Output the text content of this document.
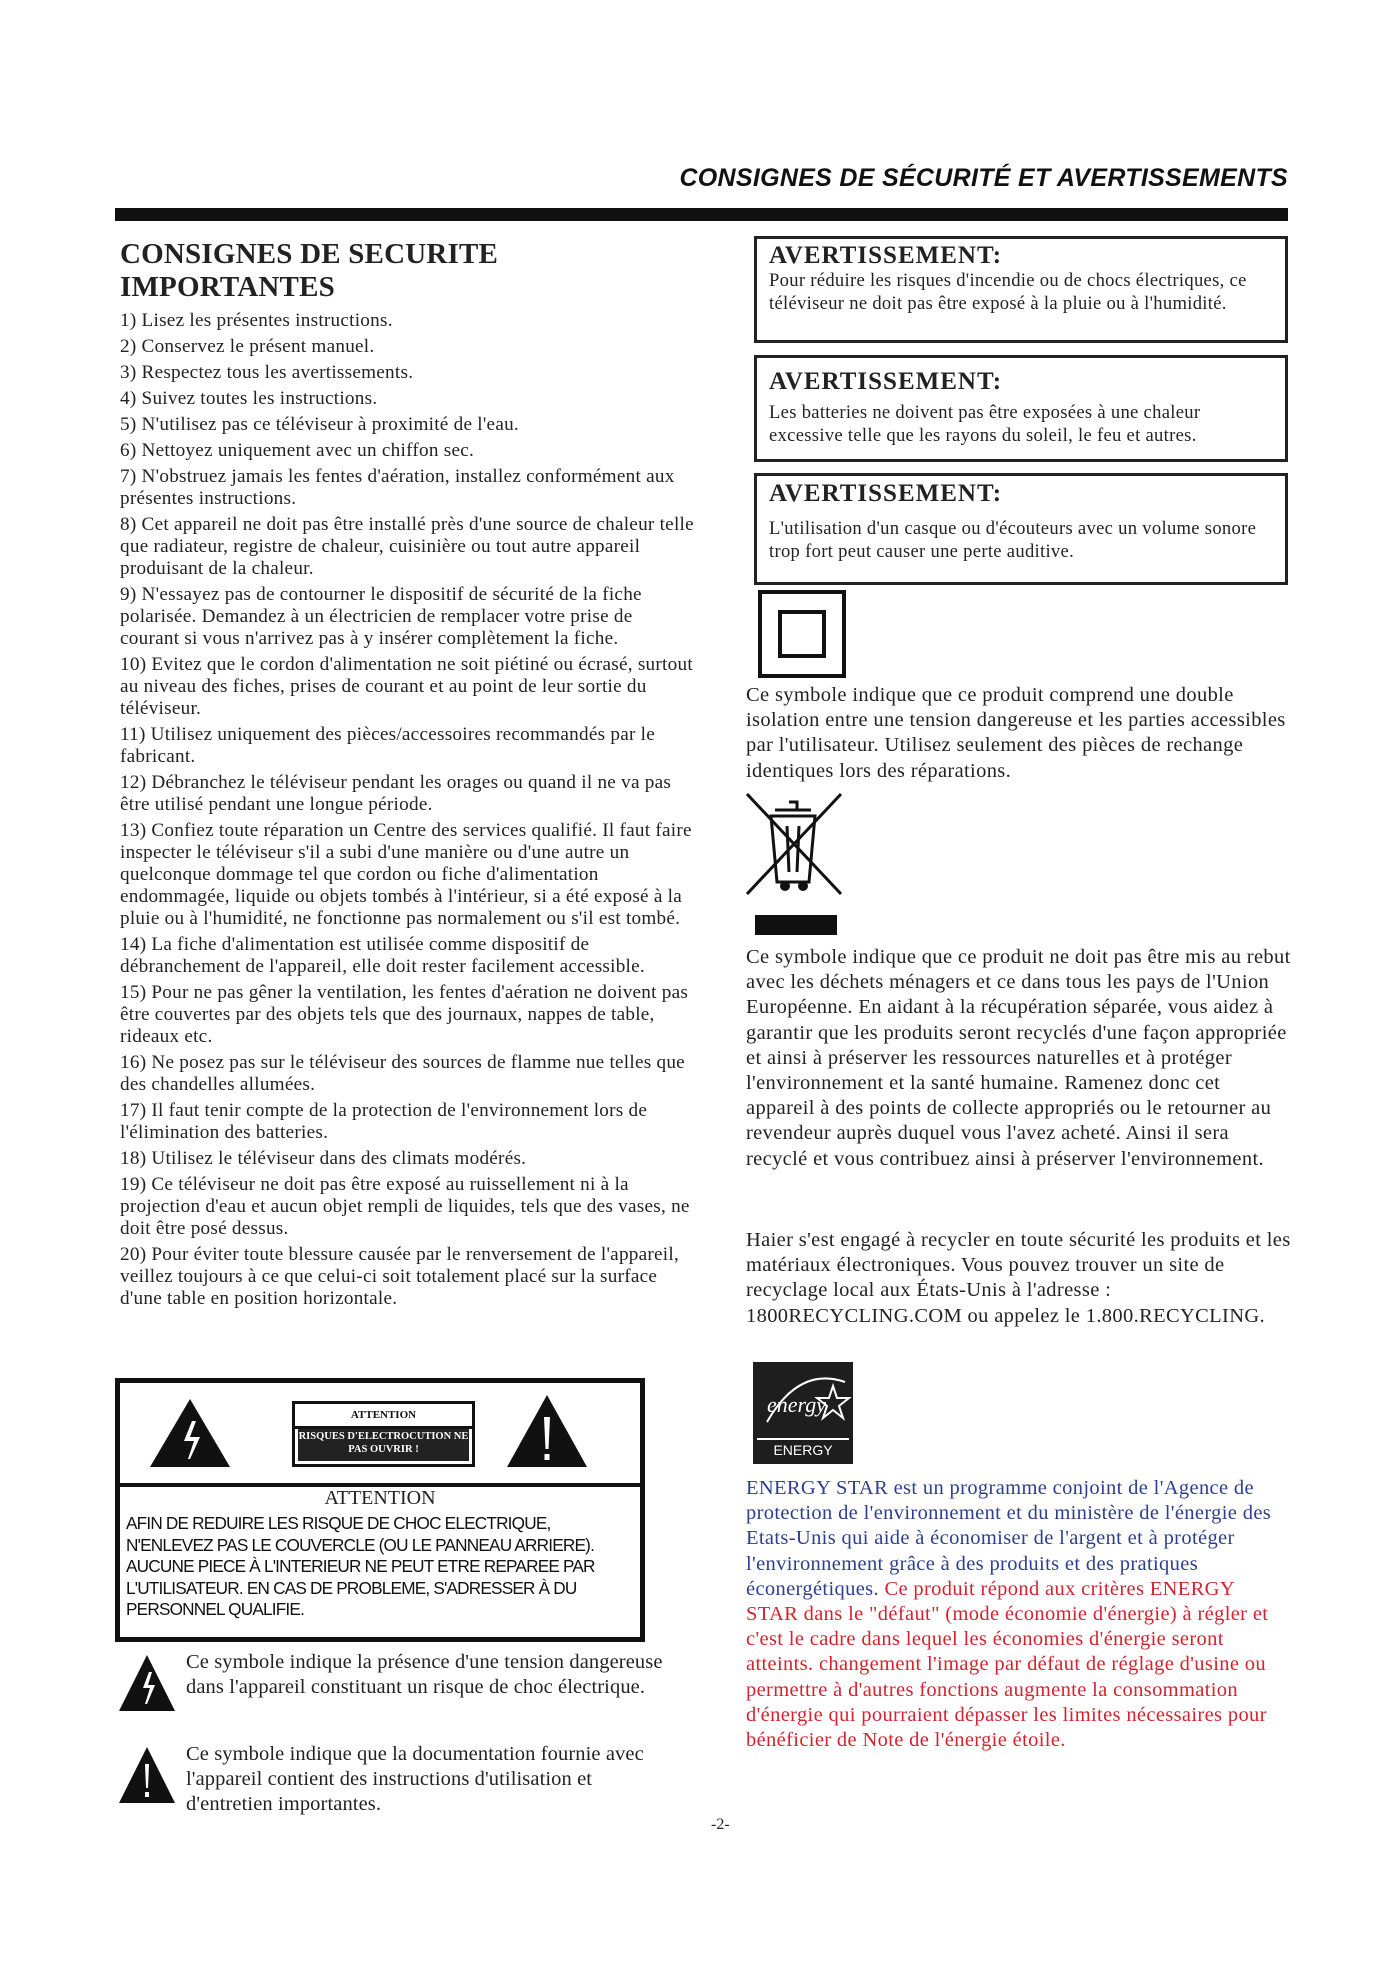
CONSIGNES DE SÉCURITÉ ET AVERTISSEMENTS
CONSIGNES DE SECURITE IMPORTANTES

1) Lisez les présentes instructions.

2) Conservez le présent manuel.

3) Respectez tous les avertissements.

4) Suivez toutes les instructions.

5) N'utilisez pas ce téléviseur à proximité de l'eau.

6) Nettoyez uniquement avec un chiffon sec.

7) N'obstruez jamais les fentes d'aération, installez conformément aux présentes instructions.

8) Cet appareil ne doit pas être installé près d'une source de chaleur telle que radiateur, registre de chaleur, cuisinière ou tout autre appareil produisant de la chaleur.

9) N'essayez pas de contourner le dispositif de sécurité de la fiche polarisée. Demandez à un électricien de remplacer votre prise de courant si vous n'arrivez pas à y insérer complètement la fiche.

10) Evitez que le cordon d'alimentation ne soit piétiné ou écrasé, surtout au niveau des fiches, prises de courant et au point de leur sortie du téléviseur.

11) Utilisez uniquement des pièces/accessoires recommandés par le fabricant.

12) Débranchez le téléviseur pendant les orages ou quand il ne va pas être utilisé pendant une longue période.

13) Confiez toute réparation un Centre des services qualifié. Il faut faire inspecter le téléviseur s'il a subi d'une manière ou d'une autre un quelconque dommage tel que cordon ou fiche d'alimentation endommagée, liquide ou objets tombés à l'intérieur, si a été exposé à la pluie ou à l'humidité, ne fonctionne pas normalement ou s'il est tombé.

14) La fiche d'alimentation est utilisée comme dispositif de débranchement de l'appareil, elle doit rester facilement accessible.

15) Pour ne pas gêner la ventilation, les fentes d'aération ne doivent pas être couvertes par des objets tels que des journaux, nappes de table, rideaux etc.

16) Ne posez pas sur le téléviseur des sources de flamme nue telles que des chandelles allumées.

17) Il faut tenir compte de la protection de l'environnement lors de l'élimination des batteries.

18) Utilisez le téléviseur dans des climats modérés.

19) Ce téléviseur ne doit pas être exposé au ruissellement ni à la projection d'eau et aucun objet rempli de liquides, tels que des vases, ne doit être posé dessus.

20) Pour éviter toute blessure causée par le renversement de l'appareil, veillez toujours à ce que celui-ci soit totalement placé sur la surface d'une table en position horizontale.

ATTENTION
RISQUES D'ELECTROCUTION NE PAS OUVRIR !
ATTENTION
AFIN DE REDUIRE LES RISQUE DE CHOC ELECTRIQUE, N'ENLEVEZ PAS LE COUVERCLE (OU LE PANNEAU ARRIERE). AUCUNE PIECE À L'INTERIEUR NE PEUT ETRE REPAREE PAR L'UTILISATEUR. EN CAS DE PROBLEME, S'ADRESSER À DU PERSONNEL QUALIFIE.
Ce symbole indique la présence d'une tension dangereuse dans l'appareil constituant un risque de choc électrique.
Ce symbole indique que la documentation fournie avec l'appareil contient des instructions d'utilisation et d'entretien importantes.

AVERTISSEMENT:

Pour réduire les risques d'incendie ou de chocs électriques, ce téléviseur ne doit pas être exposé à la pluie ou à l'humidité.

AVERTISSEMENT:

Les batteries ne doivent pas être exposées à une chaleur excessive telle que les rayons du soleil, le feu et autres.

AVERTISSEMENT:

L'utilisation d'un casque ou d'écouteurs avec un volume sonore trop fort peut causer une perte auditive.

Ce symbole indique que ce produit comprend une double isolation entre une tension dangereuse et les parties accessibles par l'utilisateur. Utilisez seulement des pièces de rechange identiques lors des réparations.
Ce symbole indique que ce produit ne doit pas être mis au rebut avec les déchets ménagers et ce dans tous les pays de l'Union Européenne. En aidant à la récupération séparée, vous aidez à garantir que les produits seront recyclés d'une façon appropriée et ainsi à préserver les ressources naturelles et à protéger l'environnement et la santé humaine. Ramenez donc cet appareil à des points de collecte appropriés ou le retourner au revendeur auprès duquel vous l'avez acheté. Ainsi il sera recyclé et vous contribuez ainsi à préserver l'environnement.
Haier s'est engagé à recycler en toute sécurité les produits et les matériaux électroniques. Vous pouvez trouver un site de recyclage local aux États-Unis à l'adresse : 1800RECYCLING.COM ou appelez le 1.800.RECYCLING.
energy
ENERGY STAR
ENERGY STAR est un programme conjoint de l'Agence de protection de l'environnement et du ministère de l'énergie des Etats-Unis qui aide à économiser de l'argent et à protéger l'environnement grâce à des produits et des pratiques éconergétiques. Ce produit répond aux critères ENERGY STAR dans le "défaut" (mode économie d'énergie) à régler et c'est le cadre dans lequel les économies d'énergie seront atteints. changement l'image par défaut de réglage d'usine ou permettre à d'autres fonctions augmente la consommation d'énergie qui pourraient dépasser les limites nécessaires pour bénéficier de Note de l'énergie étoile.
-2-
